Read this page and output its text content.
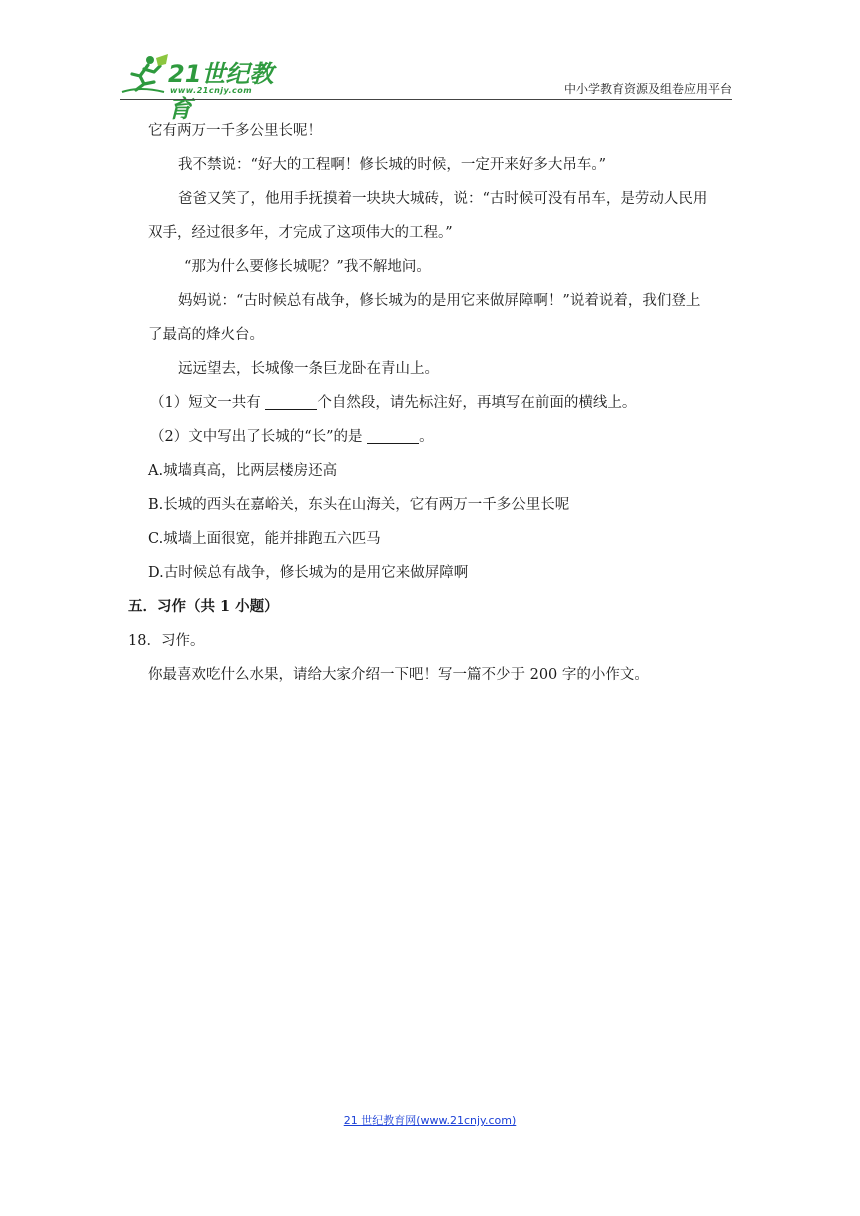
21世纪教育
www.21cnjy.com	中小学教育资源及组卷应用平台
它有两万一千多公里长呢！
我不禁说：“好大的工程啊！修长城的时候，一定开来好多大吊车。”
爸爸又笑了，他用手抚摸着一块块大城砖，说：“古时候可没有吊车，是劳动人民用
双手，经过很多年，才完成了这项伟大的工程。”
“那为什么要修长城呢？”我不解地问。
妈妈说：“古时候总有战争，修长城为的是用它来做屏障啊！”说着说着，我们登上
了最高的烽火台。
远远望去，长城像一条巨龙卧在青山上。
（1）短文一共有	个自然段，请先标注好，再填写在前面的横线上。
（2）文中写出了长城的“长”的是	。
A.城墙真高，比两层楼房还高
B.长城的西头在嘉峪关，东头在山海关，它有两万一千多公里长呢
C.城墙上面很宽，能并排跑五六匹马
D.古时候总有战争，修长城为的是用它来做屏障啊
五．习作（共 1 小题）
18．习作。
你最喜欢吃什么水果，请给大家介绍一下吧！写一篇不少于 200 字的小作文。
21 世纪教育网(www.21cnjy.com)
